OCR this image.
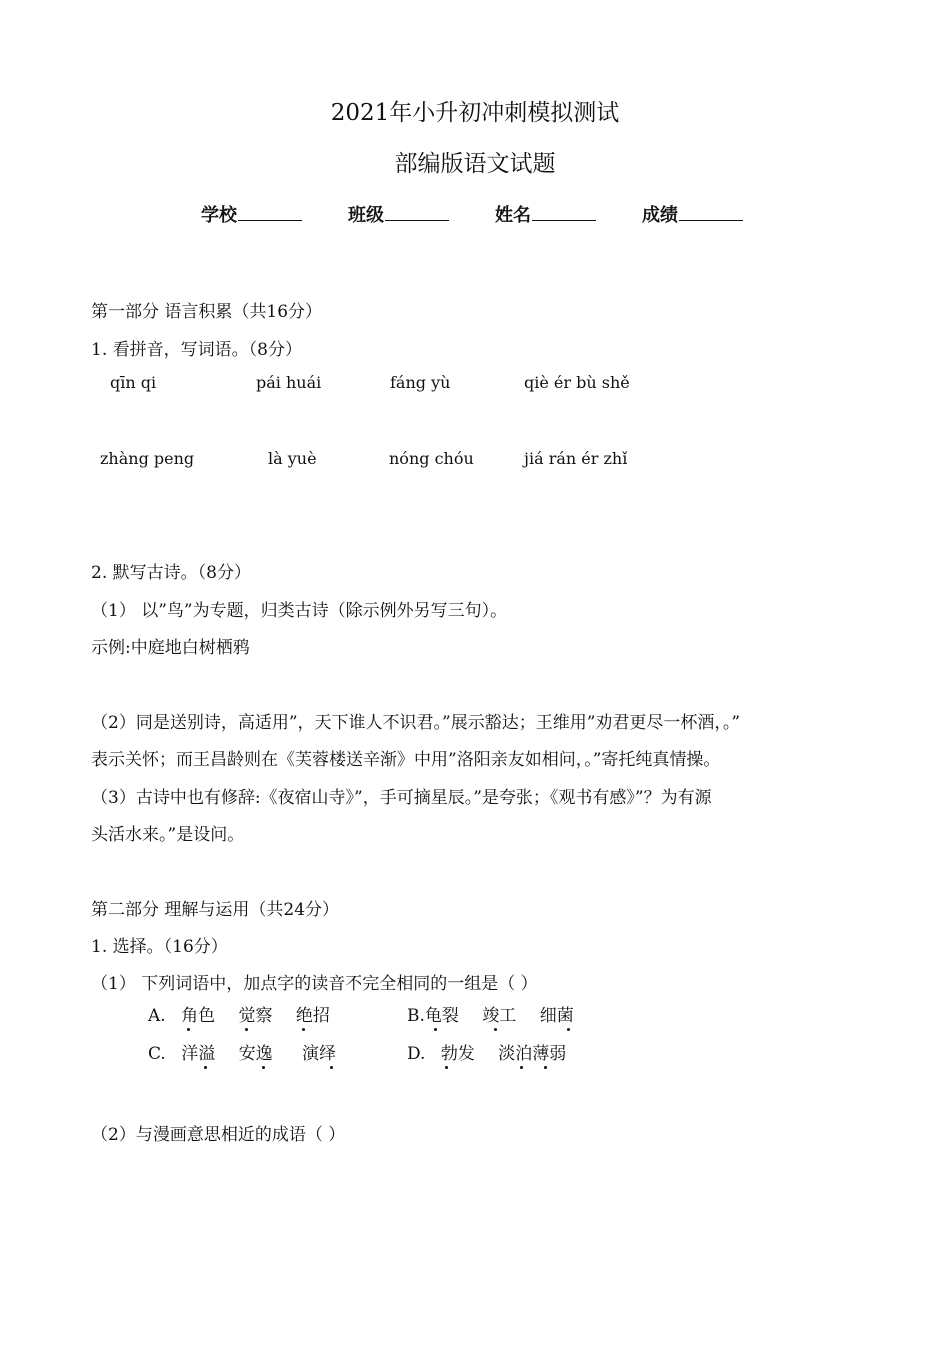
2021年小升初冲刺模拟测试
部编版语文试题
学校	班级	姓名	成绩
第一部分 语言积累（共16分）
1. 看拼音，写词语。（8分）
qīn qi	pái huái	fáng yù	qiè ér bù shě
zhàng peng	là yuè	nóng chóu	jiá rán ér zhǐ
2. 默写古诗。（8分）
（1） 以”鸟”为专题，归类古诗（除示例外另写三句）。
示例:中庭地白树栖鸦
（2）同是送别诗，高适用”，天下谁人不识君。”展示豁达；王维用”劝君更尽一杯酒，。”
表示关怀；而王昌龄则在《芙蓉楼送辛渐》中用”洛阳亲友如相问，。”寄托纯真情操。
（3）古诗中也有修辞:《夜宿山寺》”，手可摘星辰。”是夸张；《观书有感》”？为有源
头活水来。”是设问。
第二部分 理解与运用（共24分）
1. 选择。（16分）
（1） 下列词语中，加点字的读音不完全相同的一组是（ ）
A. 角色 觉察 绝招	B.龟裂 竣工 细菌
C. 洋溢 安逸 演绎	D. 勃发 淡泊薄弱
（2）与漫画意思相近的成语（ ）
